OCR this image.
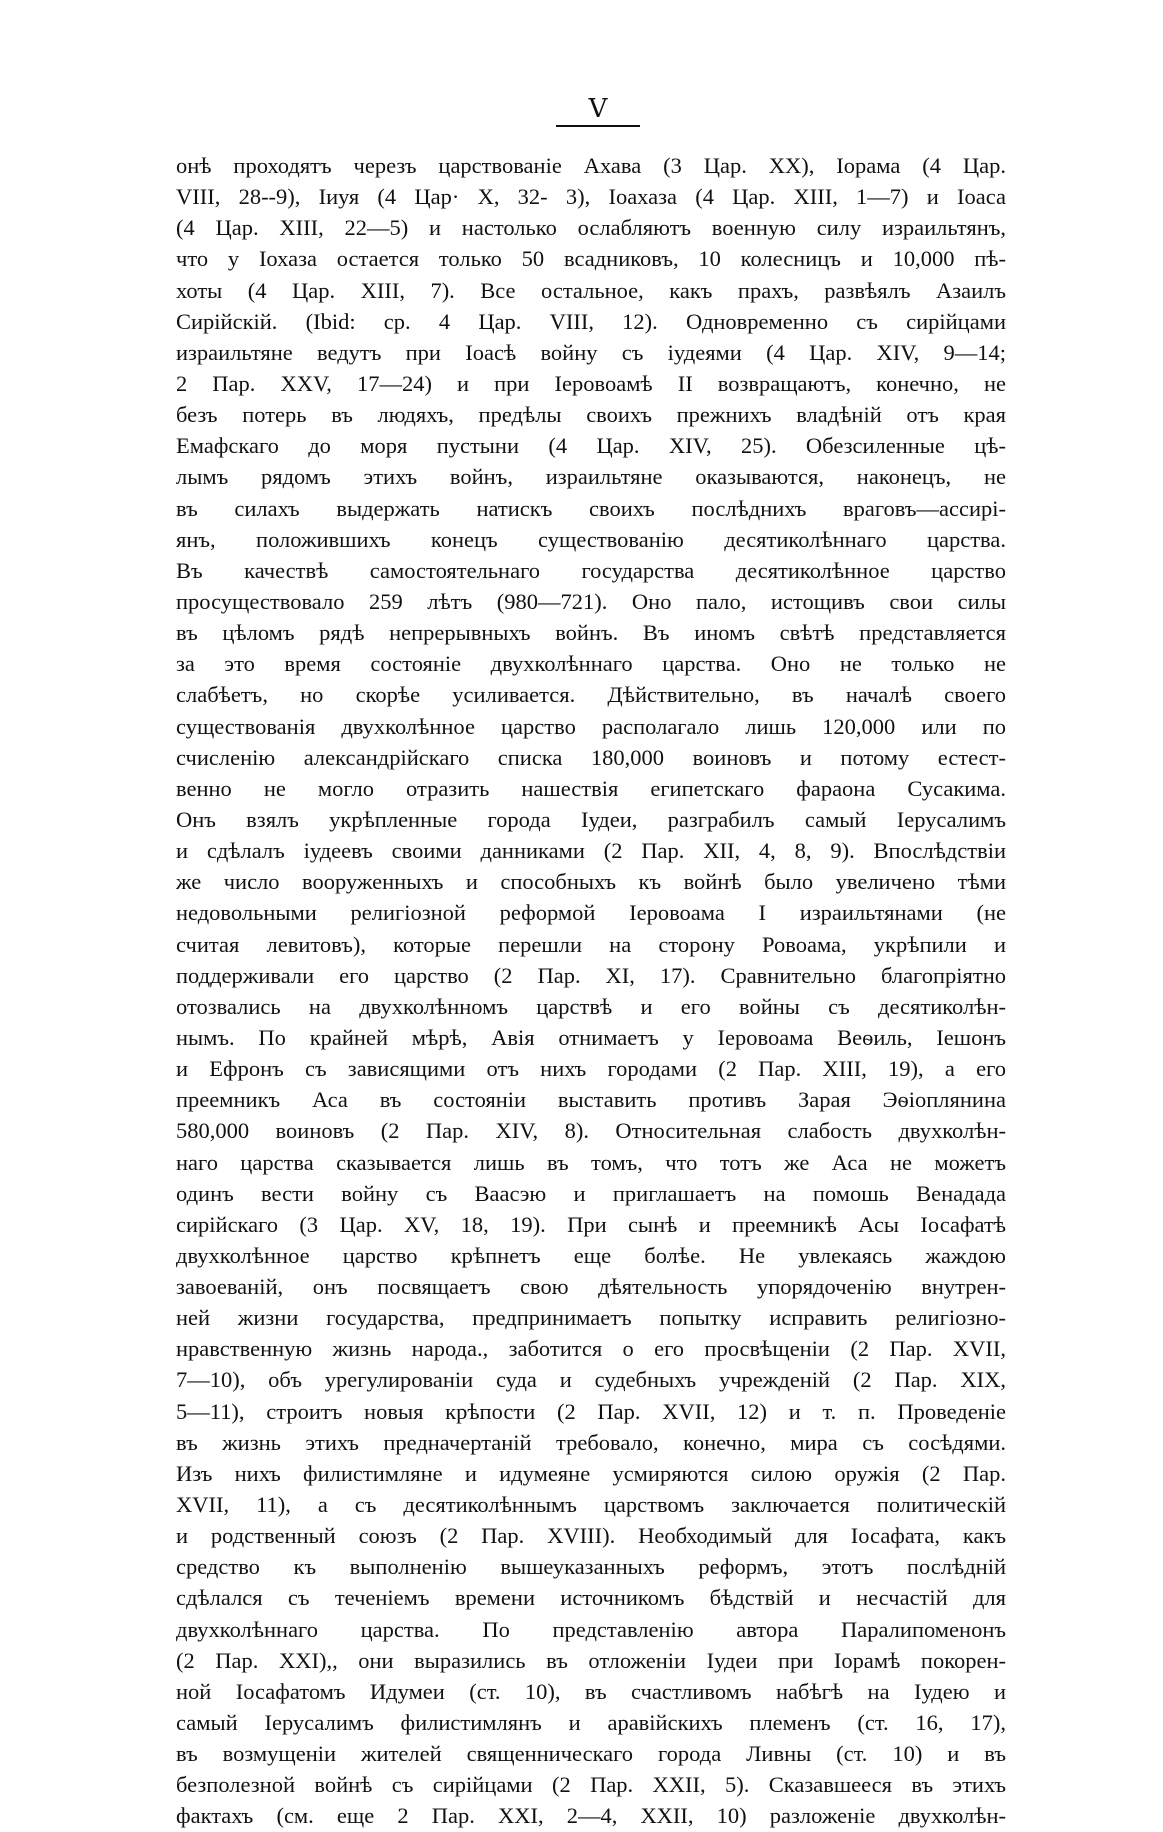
V
онѣ проходятъ черезъ царствованіе Ахава (3 Цар. XX), Іорама (4 Цар.
VIII, 28--9), Іиуя (4 Цар· X, 32- 3), Іоахаза (4 Цар. XIII, 1—7) и Іоаса
(4 Цар. XIII, 22—5) и настолько ослабляютъ военную силу израильтянъ,
что у Іохаза остается только 50 всадниковъ, 10 колесницъ и 10,000 пѣ-
хоты (4 Цар. XIII, 7). Все остальное, какъ прахъ, развѣялъ Азаилъ
Сирійскій. (Ibid: ср. 4 Цар. VIII, 12). Одновременно съ сирійцами
израильтяне ведутъ при Іоасѣ войну съ іудеями (4 Цар. XIV, 9—14;
2 Пар. XXV, 17—24) и при Іеровоамѣ II возвращаютъ, конечно, не
безъ потерь въ людяхъ, предѣлы своихъ прежнихъ владѣній отъ края
Емафскаго до моря пустыни (4 Цар. XIV, 25). Обезсиленные цѣ-
лымъ рядомъ этихъ войнъ, израильтяне оказываются, наконецъ, не
въ силахъ выдержать натискъ своихъ послѣднихъ враговъ—ассирі-
янъ, положившихъ конецъ существованію десятиколѣннаго царства.
Въ качествѣ самостоятельнаго государства десятиколѣнное царство
просуществовало 259 лѣтъ (980—721). Оно пало, истощивъ свои силы
въ цѣломъ рядѣ непрерывныхъ войнъ. Въ иномъ свѣтѣ представляется
за это время состояніе двухколѣннаго царства. Оно не только не
слабѣетъ, но скорѣе усиливается. Дѣйствительно, въ началѣ своего
существованія двухколѣнное царство располагало лишь 120,000 или по
счисленію александрійскаго списка 180,000 воиновъ и потому естест-
венно не могло отразить нашествія египетскаго фараона Сусакима.
Онъ взялъ укрѣпленные города Іудеи, разграбилъ самый Іерусалимъ
и сдѣлалъ іудеевъ своими данниками (2 Пар. XII, 4, 8, 9). Впослѣдствіи
же число вооруженныхъ и способныхъ къ войнѣ было увеличено тѣми
недовольными религіозной реформой Іеровоама I израильтянами (не
считая левитовъ), которые перешли на сторону Ровоама, укрѣпили и
поддерживали его царство (2 Пар. XI, 17). Сравнительно благопріятно
отозвались на двухколѣнномъ царствѣ и его войны съ десятиколѣн-
нымъ. По крайней мѣрѣ, Авія отнимаетъ у Іеровоама Веѳиль, Іешонъ
и Ефронъ съ зависящими отъ нихъ городами (2 Пар. XIII, 19), а его
преемникъ Аса въ состояніи выставить противъ Зарая Эѳіоплянина
580,000 воиновъ (2 Пар. XIV, 8). Относительная слабость двухколѣн-
наго царства сказывается лишь въ томъ, что тотъ же Аса не можетъ
одинъ вести войну съ Ваасэю и приглашаетъ на помошь Венадада
сирійскаго (3 Цар. XV, 18, 19). При сынѣ и преемникѣ Асы Іосафатѣ
двухколѣнное царство крѣпнетъ еще болѣе. Не увлекаясь жаждою
завоеваній, онъ посвящаетъ свою дѣятельность упорядоченію внутрен-
ней жизни государства, предпринимаетъ попытку исправить религіозно-
нравственную жизнь народа., заботится о его просвѣщеніи (2 Пар. XVII,
7—10), объ урегулированіи суда и судебныхъ учрежденій (2 Пар. XIX,
5—11), строитъ новыя крѣпости (2 Пар. XVII, 12) и т. п. Проведеніе
въ жизнь этихъ предначертаній требовало, конечно, мира съ сосѣдями.
Изъ нихъ филистимляне и идумеяне усмиряются силою оружія (2 Пар.
XVII, 11), а съ десятиколѣннымъ царствомъ заключается политическій
и родственный союзъ (2 Пар. XVIII). Необходимый для Іосафата, какъ
средство къ выполненію вышеуказанныхъ реформъ, этотъ послѣдній
сдѣлался съ теченіемъ времени источникомъ бѣдствій и несчастій для
двухколѣннаго царства. По представленію автора Паралипоменонъ
(2 Пар. XXI),, они выразились въ отложеніи Іудеи при Іорамѣ покорен-
ной Іосафатомъ Идумеи (ст. 10), въ счастливомъ набѣгѣ на Іудею и
самый Іерусалимъ филистимлянъ и аравійскихъ племенъ (ст. 16, 17),
въ возмущеніи жителей священническаго города Ливны (ст. 10) и въ
безполезной войнѣ съ сирійцами (2 Пар. XXII, 5). Сказавшееся въ этихъ
фактахъ (см. еще 2 Пар. XXI, 2—4, XXII, 10) разложеніе двухколѣн-
